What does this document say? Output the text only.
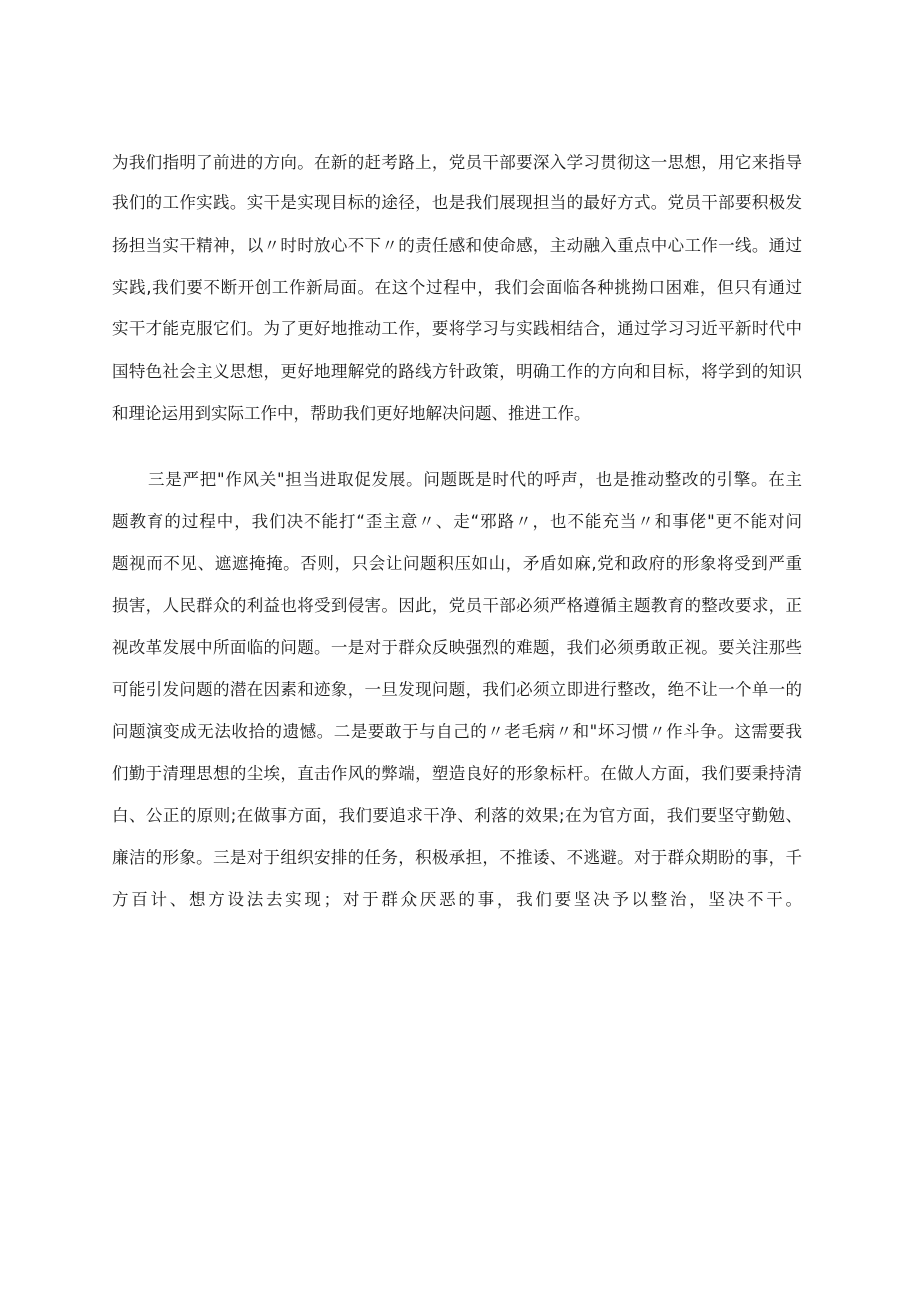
为我们指明了前进的方向。在新的赶考路上，党员干部要深入学习贯彻这一思想，用它来指导

我们的工作实践。实干是实现目标的途径，也是我们展现担当的最好方式。党员干部要积极发

扬担当实干精神，以〃时时放心不下〃的责任感和使命感，主动融入重点中心工作一线。通过

实践,我们要不断开创工作新局面。在这个过程中，我们会面临各种挑拗口困难，但只有通过

实干才能克服它们。为了更好地推动工作，要将学习与实践相结合，通过学习习近平新时代中

国特色社会主义思想，更好地理解党的路线方针政策，明确工作的方向和目标，将学到的知识

和理论运用到实际工作中，帮助我们更好地解决问题、推进工作。

三是严把"作风关"担当进取促发展。问题既是时代的呼声，也是推动整改的引擎。在主

题教育的过程中，我们决不能打“歪主意〃、走“邪路〃，也不能充当〃和事佬"更不能对问

题视而不见、遮遮掩掩。否则，只会让问题积压如山，矛盾如麻,党和政府的形象将受到严重

损害，人民群众的利益也将受到侵害。因此，党员干部必须严格遵循主题教育的整改要求，正

视改革发展中所面临的问题。一是对于群众反映强烈的难题，我们必须勇敢正视。要关注那些

可能引发问题的潜在因素和迹象，一旦发现问题，我们必须立即进行整改，绝不让一个单一的

问题演变成无法收拾的遗憾。二是要敢于与自己的〃老毛病〃和"坏习惯〃作斗争。这需要我

们勤于清理思想的尘埃，直击作风的弊端，塑造良好的形象标杆。在做人方面，我们要秉持清

白、公正的原则;在做事方面，我们要追求干净、利落的效果;在为官方面，我们要坚守勤勉、

廉洁的形象。三是对于组织安排的任务，积极承担，不推诿、不逃避。对于群众期盼的事，千

方百计、想方设法去实现；对于群众厌恶的事，我们要坚决予以整治，坚决不干。
